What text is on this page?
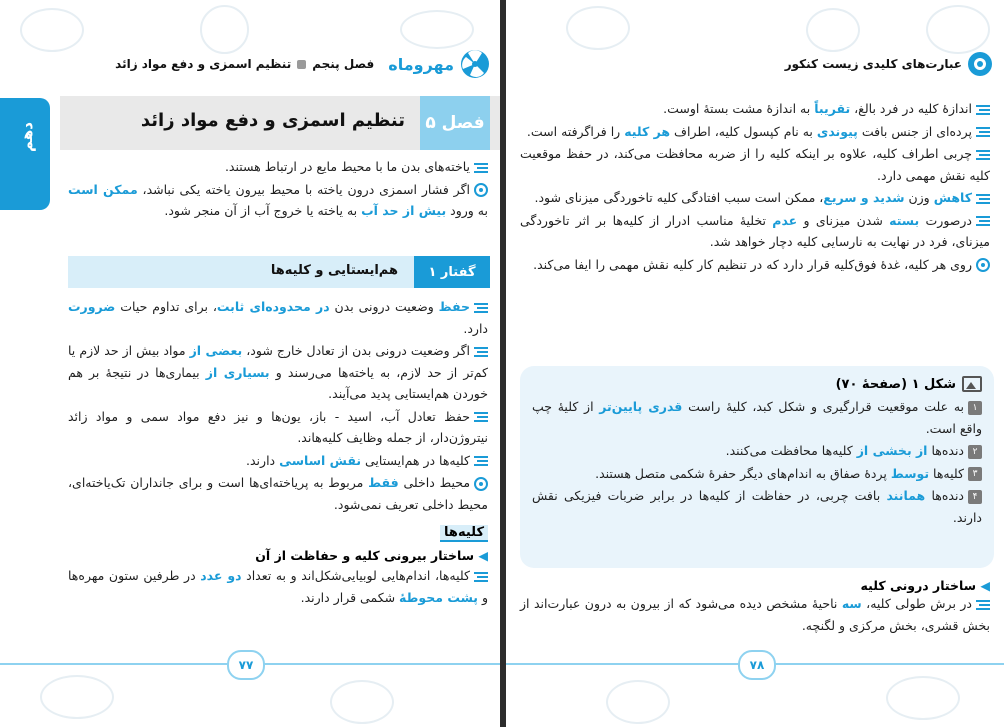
مهروماه
فصل پنجم
تنظیم اسمزی و دفع مواد زائد
دهم	فصل ۵
تنظیم اسمزی و دفع مواد زائد
یاخته‌های بدن ما با محیط مایع در ارتباط هستند.
اگر فشار اسمزی درون یاخته با محیط بیرون یاخته یکی نباشد، ممکن است به ورود بیش از حد آب به یاخته یا خروج آب از آن منجر شود.
گفتار ۱
هم‌ایستایی و کلیه‌ها
حفظ وضعیت درونی بدن در محدوده‌ای ثابت، برای تداوم حیات ضرورت دارد.
اگر وضعیت درونی بدن از تعادل خارج شود، بعضی از مواد بیش از حد لازم یا کم‌تر از حد لازم، به یاخته‌ها می‌رسند و بسیاری از بیماری‌ها در نتیجهٔ بر هم خوردن هم‌ایستایی پدید می‌آیند.
حفظ تعادل آب، اسید - باز، یون‌ها و نیز دفع مواد سمی و مواد زائد نیتروژن‌دار، از جمله وظایف کلیه‌هاند.
کلیه‌ها در هم‌ایستایی نقش اساسی دارند.
محیط داخلی فقط مربوط به پریاخته‌ای‌ها است و برای جانداران تک‌یاخته‌ای، محیط داخلی تعریف نمی‌شود.
کلیه‌ها
◀ ساختار بیرونی کلیه و حفاظت از آن
کلیه‌ها، اندام‌هایی لوبیایی‌شکل‌اند و به تعداد دو عدد در طرفین ستون مهره‌ها و پشت محوطهٔ شکمی قرار دارند.
۷۷
عبارت‌های کلیدی زیست کنکور
اندازهٔ کلیه در فرد بالغ، تقریباً به اندازهٔ مشت بستهٔ اوست.
پرده‌ای از جنس بافت پیوندی به نام کپسول کلیه، اطراف هر کلیه را فراگرفته است.
چربی اطراف کلیه، علاوه بر اینکه کلیه را از ضربه محافظت می‌کند، در حفظ موقعیت کلیه نقش مهمی دارد.
کاهش وزن شدید و سریع، ممکن است سبب افتادگی کلیه تاخوردگی میزنای شود.
درصورت بسته شدن میزنای و عدم تخلیهٔ مناسب ادرار از کلیه‌ها بر اثر تاخوردگی میزنای، فرد در نهایت به نارسایی کلیه دچار خواهد شد.
روی هر کلیه، غدهٔ فوق‌کلیه قرار دارد که در تنظیم کار کلیه نقش مهمی را ایفا می‌کند.
شکل ۱ (صفحهٔ ۷۰)
۱به علت موقعیت قرارگیری و شکل کبد، کلیهٔ راست قدری پایین‌تر از کلیهٔ چپ واقع است.
۲دنده‌ها از بخشی از کلیه‌ها محافظت می‌کنند.
۳کلیه‌ها توسط پردهٔ صفاق به اندام‌های دیگر حفرهٔ شکمی متصل هستند.
۴دنده‌ها همانند بافت چربی، در حفاظت از کلیه‌ها در برابر ضربات فیزیکی نقش دارند.
◀ ساختار درونی کلیه
در برش طولی کلیه، سه ناحیهٔ مشخص دیده می‌شود که از بیرون به درون عبارت‌اند از بخش قشری، بخش مرکزی و لگنچه.
۷۸
